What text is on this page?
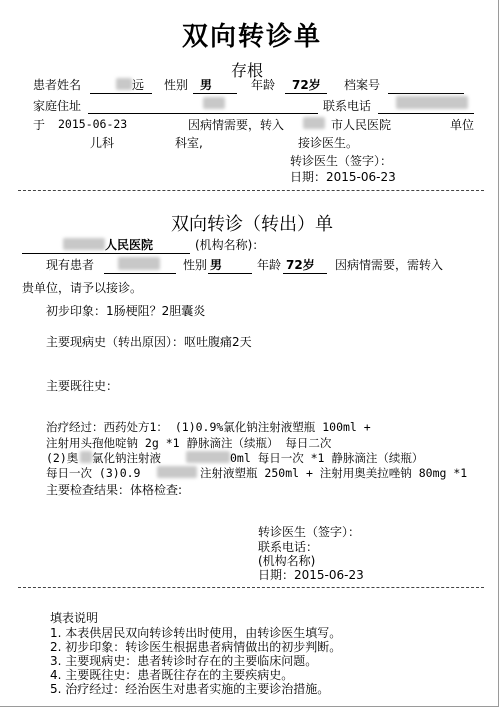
双向转诊单
存根
患者姓名	远 性别 男	年龄 72岁 档案号
家庭住址	联系电话
于 2015-06-23	因病情需要，转入	市人民医院	单位
儿科	科室,	接诊医生。
转诊医生（签字）：
日期：2015-06-23
双向转诊（转出）单
人民医院	(机构名称)：
现有患者	性别 男	年龄 72岁 因病情需要，需转入
贵单位，请予以接诊。
初步印象：1肠梗阻？2胆囊炎
主要现病史（转出原因）：呕吐腹痛2天
主要既往史：
治疗经过：西药处方1： (1)0.9%氯化钠注射液塑瓶 100ml +
注射用头孢他啶钠 2g *1 静脉滴注（续瓶） 每日二次
(2)奥 氯化钠注射液	0ml 每日一次 *1 静脉滴注（续瓶）
每日一次 (3)0.9	注射液塑瓶 250ml + 注射用奥美拉唑钠 80mg *1
主要检查结果：体格检查:
转诊医生（签字）：
联系电话：
(机构名称)
日期：2015-06-23
填表说明
1. 本表供居民双向转诊转出时使用，由转诊医生填写。
2. 初步印象：转诊医生根据患者病情做出的初步判断。
3. 主要现病史：患者转诊时存在的主要临床问题。
4. 主要既往史：患者既往存在的主要疾病史。
5. 治疗经过：经治医生对患者实施的主要诊治措施。
